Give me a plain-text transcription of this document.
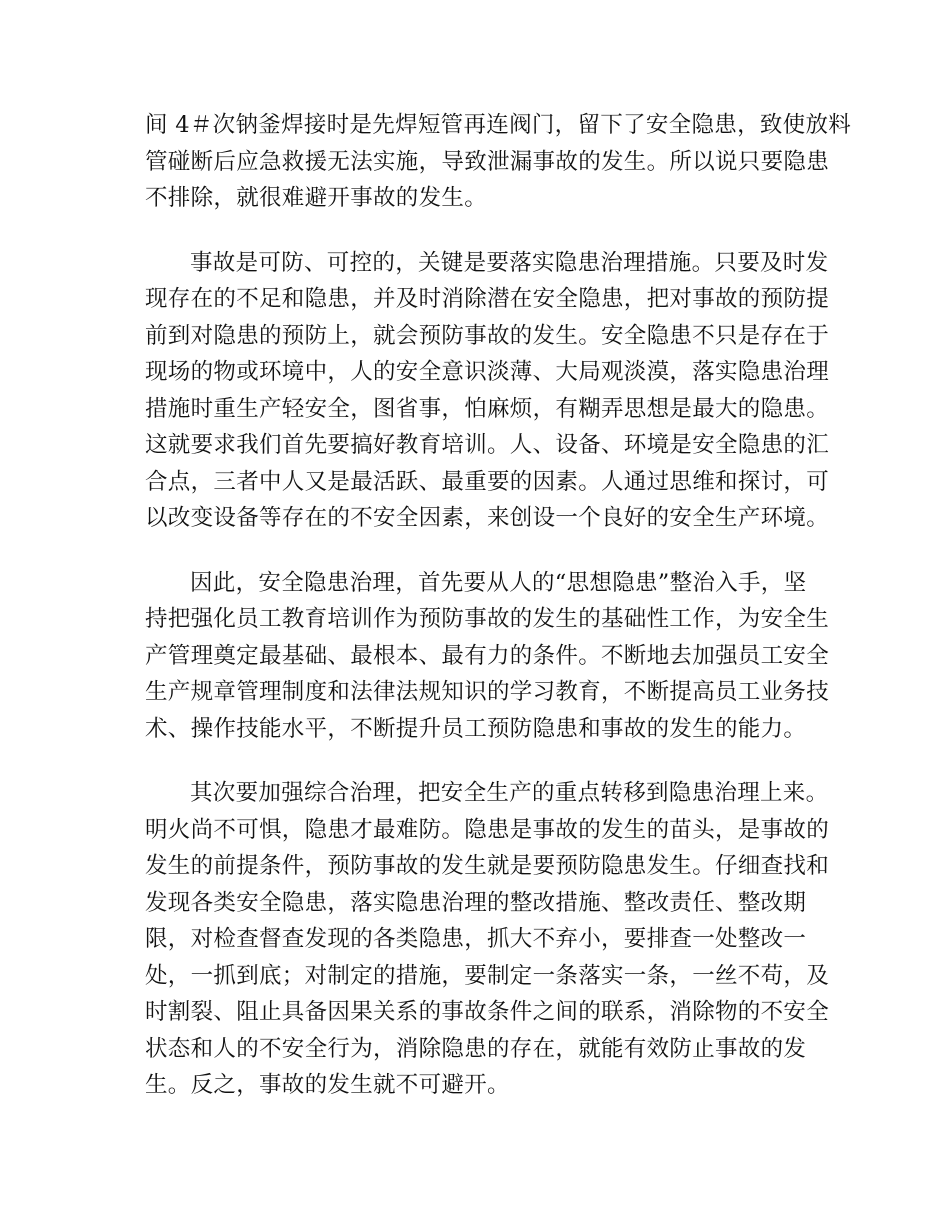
间 4＃次钠釜焊接时是先焊短管再连阀门，留下了安全隐患，致使放料
管碰断后应急救援无法实施，导致泄漏事故的发生。所以说只要隐患
不排除，就很难避开事故的发生。
事故是可防、可控的，关键是要落实隐患治理措施。只要及时发
现存在的不足和隐患，并及时消除潜在安全隐患，把对事故的预防提
前到对隐患的预防上，就会预防事故的发生。安全隐患不只是存在于
现场的物或环境中，人的安全意识淡薄、大局观淡漠，落实隐患治理
措施时重生产轻安全，图省事，怕麻烦，有糊弄思想是最大的隐患。
这就要求我们首先要搞好教育培训。人、设备、环境是安全隐患的汇
合点，三者中人又是最活跃、最重要的因素。人通过思维和探讨，可
以改变设备等存在的不安全因素，来创设一个良好的安全生产环境。
因此，安全隐患治理，首先要从人的“思想隐患”整治入手，坚
持把强化员工教育培训作为预防事故的发生的基础性工作，为安全生
产管理奠定最基础、最根本、最有力的条件。不断地去加强员工安全
生产规章管理制度和法律法规知识的学习教育，不断提高员工业务技
术、操作技能水平，不断提升员工预防隐患和事故的发生的能力。
其次要加强综合治理，把安全生产的重点转移到隐患治理上来。
明火尚不可惧，隐患才最难防。隐患是事故的发生的苗头，是事故的
发生的前提条件，预防事故的发生就是要预防隐患发生。仔细查找和
发现各类安全隐患，落实隐患治理的整改措施、整改责任、整改期
限，对检查督查发现的各类隐患，抓大不弃小，要排查一处整改一
处，一抓到底；对制定的措施，要制定一条落实一条，一丝不苟，及
时割裂、阻止具备因果关系的事故条件之间的联系，消除物的不安全
状态和人的不安全行为，消除隐患的存在，就能有效防止事故的发
生。反之，事故的发生就不可避开。
